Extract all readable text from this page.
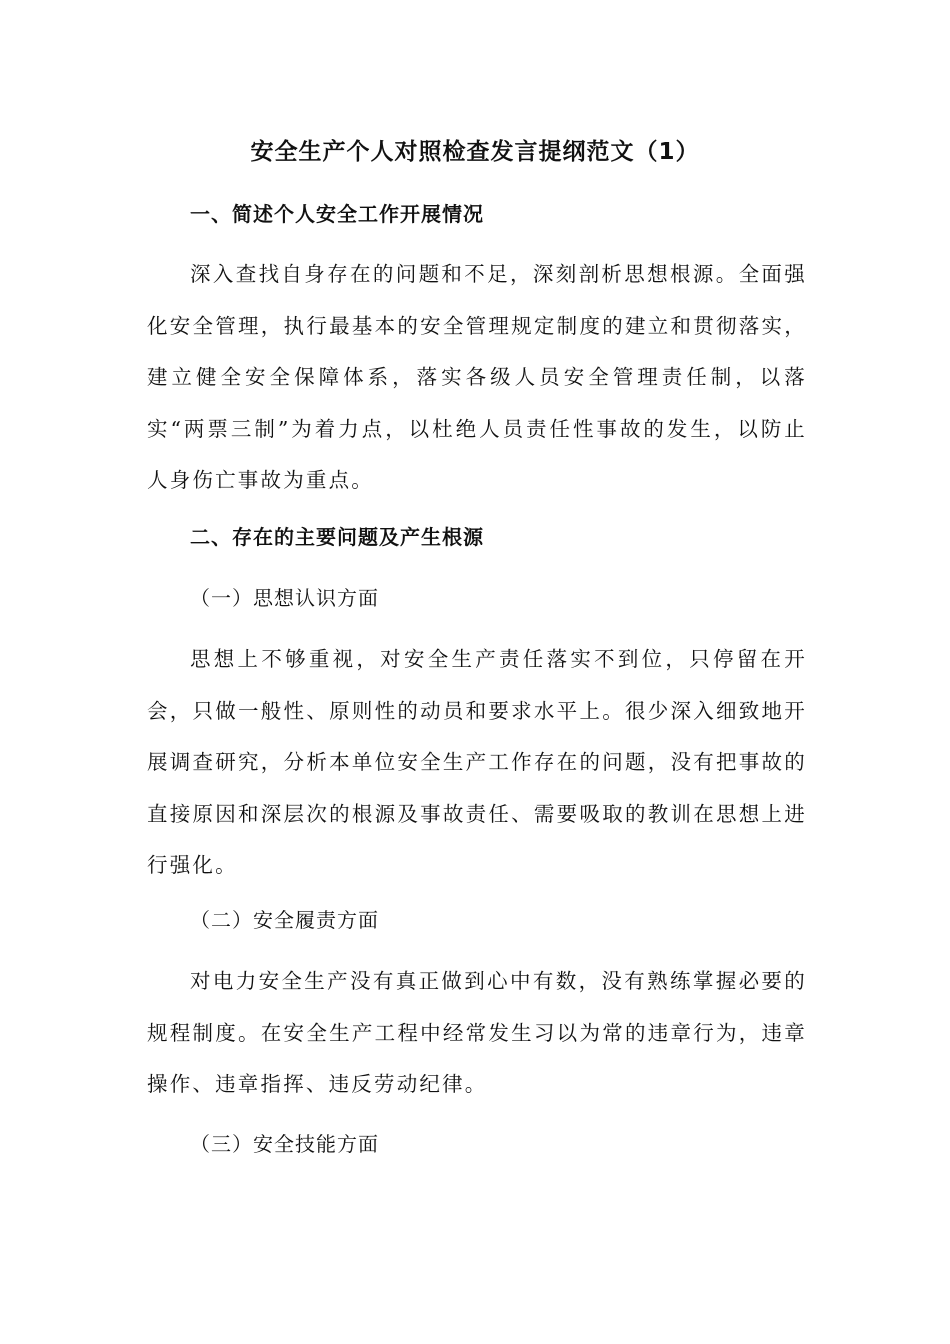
安全生产个人对照检查发言提纲范文（1）
一、简述个人安全工作开展情况

深入查找自身存在的问题和不足，深刻剖析思想根源。全面强化安全管理，执行最基本的安全管理规定制度的建立和贯彻落实，建立健全安全保障体系，落实各级人员安全管理责任制，以落实“两票三制”为着力点，以杜绝人员责任性事故的发生，以防止人身伤亡事故为重点。

二、存在的主要问题及产生根源
（一）思想认识方面

思想上不够重视，对安全生产责任落实不到位，只停留在开会，只做一般性、原则性的动员和要求水平上。很少深入细致地开展调查研究，分析本单位安全生产工作存在的问题，没有把事故的直接原因和深层次的根源及事故责任、需要吸取的教训在思想上进行强化。

（二）安全履责方面

对电力安全生产没有真正做到心中有数，没有熟练掌握必要的规程制度。在安全生产工程中经常发生习以为常的违章行为，违章操作、违章指挥、违反劳动纪律。

（三）安全技能方面
